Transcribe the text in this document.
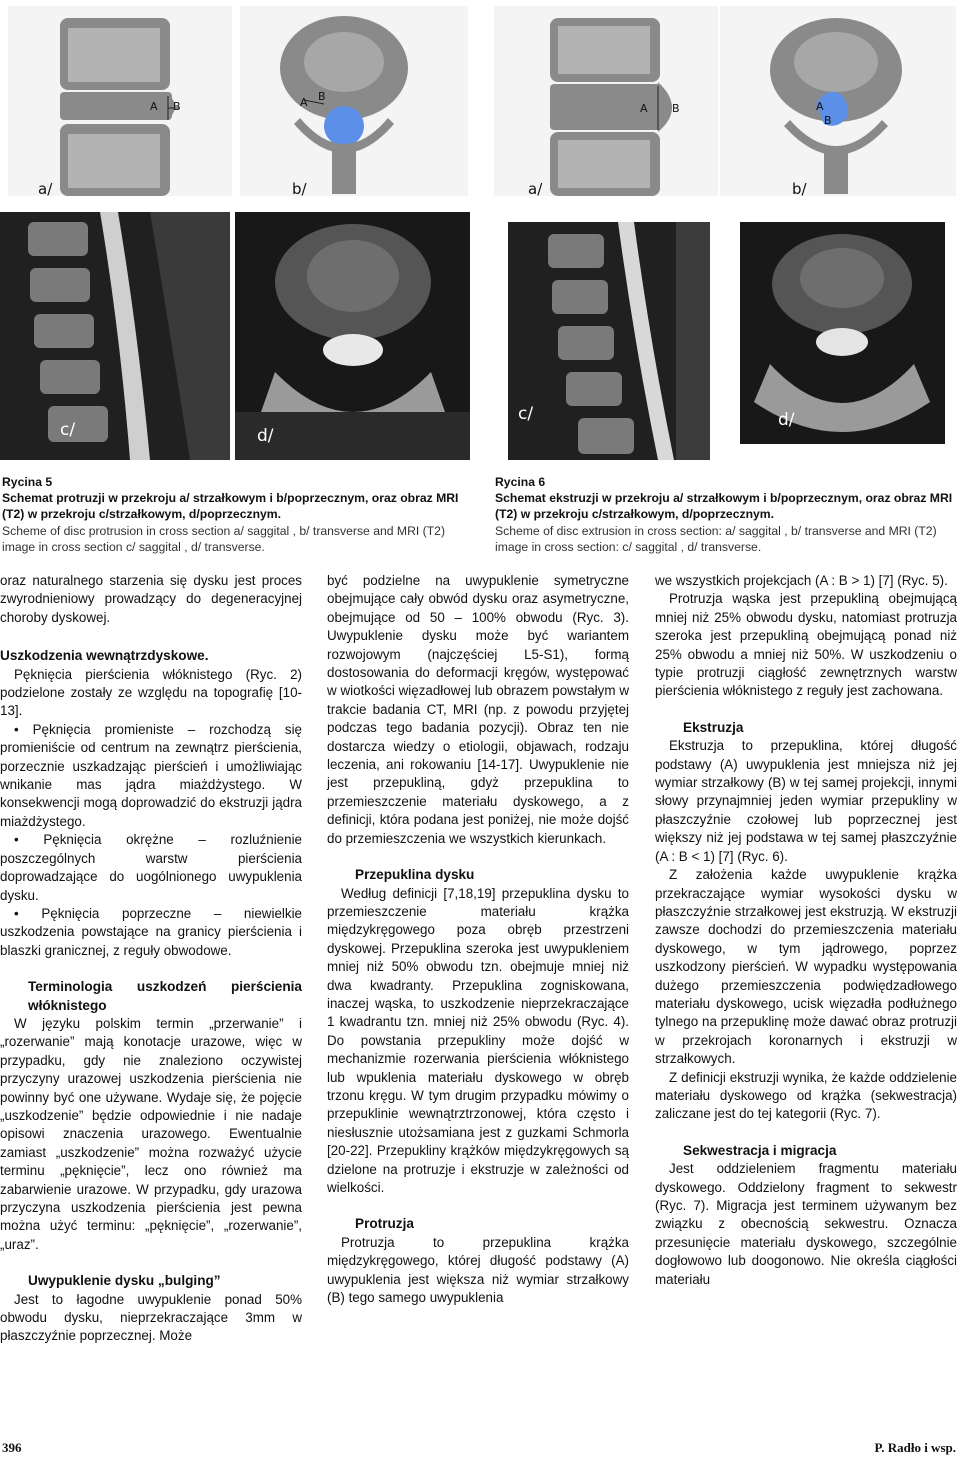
A B
a/
A B
b/
A B
a/
A
B
b/
c/	d/
c/	d/
Rycina 5
Schemat protruzji w przekroju a/ strzałkowym i b/poprzecznym, oraz obraz MRI (T2) w przekroju c/strzałkowym, d/poprzecznym.
Scheme of disc protrusion in cross section a/ saggital , b/ transverse and MRI (T2) image in cross section c/ saggital , d/ transverse.
Rycina 6
Schemat ekstruzji w przekroju a/ strzałkowym i b/poprzecznym, oraz obraz MRI (T2) w przekroju c/strzałkowym, d/poprzecznym.
Scheme of disc extrusion in cross section: a/ saggital , b/ transverse and MRI (T2) image in cross section: c/ saggital , d/ transverse.

oraz naturalnego starzenia się dysku jest proces zwyrodnieniowy prowadzący do degeneracyjnej choroby dyskowej.

Uszkodzenia wewnątrzdyskowe.

Pęknięcia pierścienia włóknistego (Ryc. 2) podzielone zostały ze względu na topografię [10-13].

• Pęknięcia promieniste – rozchodzą się promieniście od centrum na zewnątrz pierścienia, porzecznie uszkadzając pierścień i umożliwiając wnikanie mas jądra miażdżystego. W konsekwencji mogą doprowadzić do ekstruzji jądra miażdżystego.

• Pęknięcia okrężne – rozluźnienie poszczególnych warstw pierścienia doprowadzające do uogólnionego uwypuklenia dysku.

• Pęknięcia poprzeczne – niewielkie uszkodzenia powstające na granicy pierścienia i blaszki granicznej, z reguły obwodowe.

Terminologia uszkodzeń pierścienia włóknistego

W języku polskim termin „przerwanie” i „rozerwanie” mają konotacje urazowe, więc w przypadku, gdy nie znaleziono oczywistej przyczyny urazowej uszkodzenia pierścienia nie powinny być one używane. Wydaje się, że pojęcie „uszkodzenie” będzie odpowiednie i nie nadaje opisowi znaczenia urazowego. Ewentualnie zamiast „uszkodzenie” można rozważyć użycie terminu „pęknięcie”, lecz ono również ma zabarwienie urazowe. W przypadku, gdy urazowa przyczyna uszkodzenia pierścienia jest pewna można użyć terminu: „pęknięcie”, „rozerwanie”, „uraz”.

Uwypuklenie dysku „bulging”

Jest to łagodne uwypuklenie ponad 50% obwodu dysku, nieprzekraczające 3mm w płaszczyźnie poprzecznej. Może

być podzielne na uwypuklenie symetryczne obejmujące cały obwód dysku oraz asymetryczne, obejmujące od 50 – 100% obwodu (Ryc. 3). Uwypuklenie dysku może być wariantem rozwojowym (najczęściej L5-S1), formą dostosowania do deformacji kręgów, występować w wiotkości więzadłowej lub obrazem powstałym w trakcie badania CT, MRI (np. z powodu przyjętej podczas tego badania pozycji). Obraz ten nie dostarcza wiedzy o etiologii, objawach, rodzaju leczenia, ani rokowaniu [14-17]. Uwypuklenie nie jest przepukliną, gdyż przepuklina to przemieszczenie materiału dyskowego, a z definicji, która podana jest poniżej, nie może dojść do przemieszczenia we wszystkich kierunkach.

Przepuklina dysku

Według definicji [7,18,19] przepuklina dysku to przemieszczenie materiału krążka międzykręgowego poza obręb przestrzeni dyskowej. Przepuklina szeroka jest uwypukleniem mniej niż 50% obwodu tzn. obejmuje mniej niż dwa kwadranty. Przepuklina zogniskowana, inaczej wąska, to uszkodzenie nieprzekraczające 1 kwadrantu tzn. mniej niż 25% obwodu (Ryc. 4). Do powstania przepukliny może dojść w mechanizmie rozerwania pierścienia włóknistego lub wpuklenia materiału dyskowego w obręb trzonu kręgu. W tym drugim przypadku mówimy o przepuklinie wewnątrztrzonowej, która często i niesłusznie utożsamiana jest z guzkami Schmorla [20-22]. Przepukliny krążków międzykręgowych są dzielone na protruzje i ekstruzje w zależności od wielkości.

Protruzja

Protruzja to przepuklina krążka międzykręgowego, której długość podstawy (A) uwypuklenia jest większa niż wymiar strzałkowy (B) tego samego uwypuklenia

we wszystkich projekcjach (A : B > 1) [7] (Ryc. 5).

Protruzja wąska jest przepukliną obejmującą mniej niż 25% obwodu dysku, natomiast protruzja szeroka jest przepukliną obejmującą ponad niż 25% obwodu a mniej niż 50%. W uszkodzeniu o typie protruzji ciągłość zewnętrznych warstw pierścienia włóknistego z reguły jest zachowana.

Ekstruzja

Ekstruzja to przepuklina, której długość podstawy (A) uwypuklenia jest mniejsza niż jej wymiar strzałkowy (B) w tej samej projekcji, innymi słowy przynajmniej jeden wymiar przepukliny w płaszczyźnie czołowej lub poprzecznej jest większy niż jej podstawa w tej samej płaszczyźnie (A : B < 1) [7] (Ryc. 6).

Z założenia każde uwypuklenie krążka przekraczające wymiar wysokości dysku w płaszczyźnie strzałkowej jest ekstruzją. W ekstruzji zawsze dochodzi do przemieszczenia materiału dyskowego, w tym jądrowego, poprzez uszkodzony pierścień. W wypadku występowania dużego przemieszczenia podwiędzadłowego materiału dyskowego, ucisk więzadła podłużnego tylnego na przepuklinę może dawać obraz protruzji w przekrojach koronarnych i ekstruzji w strzałkowych.

Z definicji ekstruzji wynika, że każde oddzielenie materiału dyskowego od krążka (sekwestracja) zaliczane jest do tej kategorii (Ryc. 7).

Sekwestracja i migracja

Jest oddzieleniem fragmentu materiału dyskowego. Oddzielony fragment to sekwestr (Ryc. 7). Migracja jest terminem używanym bez związku z obecnością sekwestru. Oznacza przesunięcie materiału dyskowego, szczególnie dogłowowo lub doogonowo. Nie określa ciągłości materiału

396	P. Radło i wsp.
